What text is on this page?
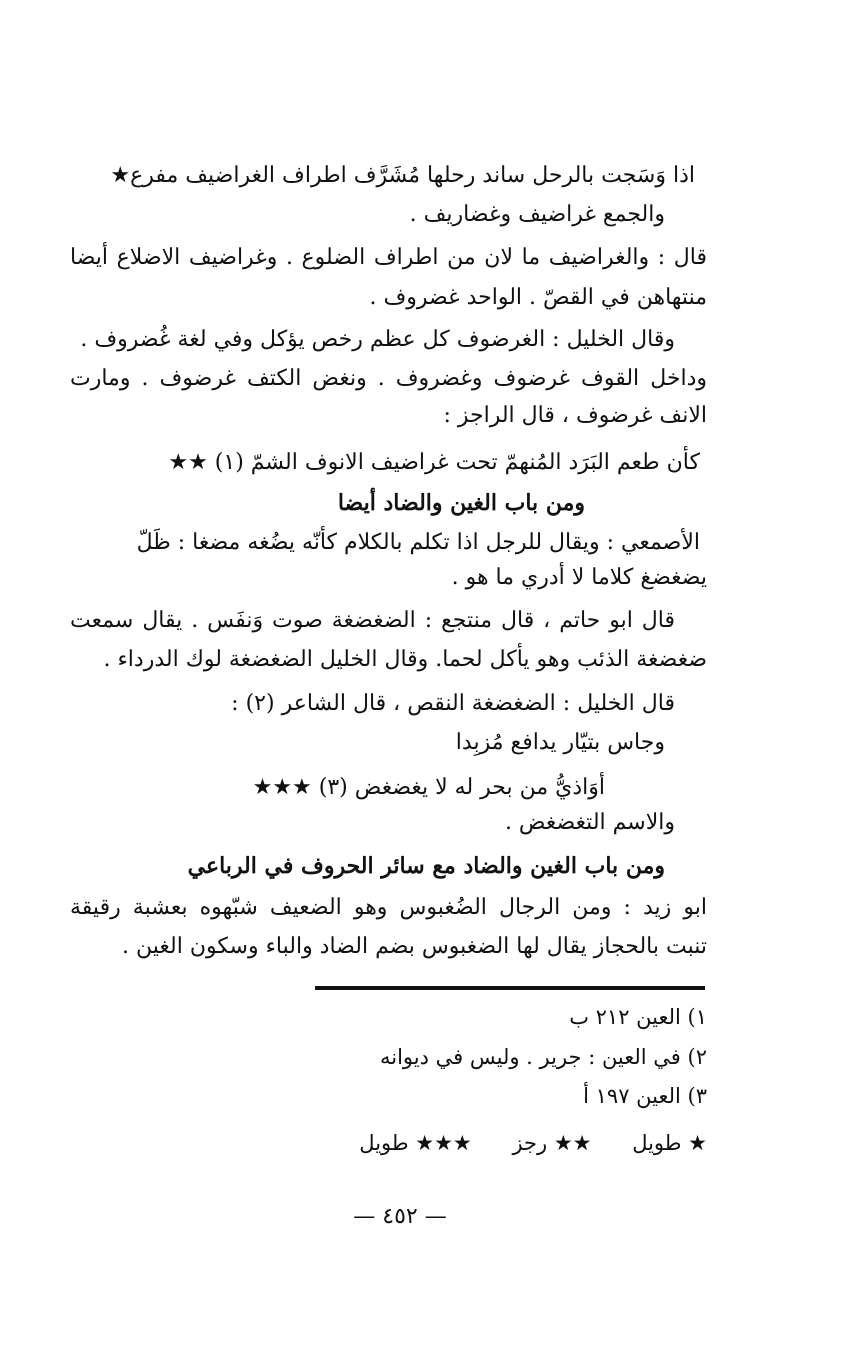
اذا وَسَجت بالرحل ساند رحلها مُشَرَّف اطراف الغراضيف مفرع★
والجمع غراضيف وغضاريف .
قال : والغراضيف ما لان من اطراف الضلوع . وغراضيف الاضلاع أيضا
منتهاهن في القصّ . الواحد غضروف .
وقال الخليل : الغرضوف كل عظم رخص يؤكل وفي لغة غُضروف .
وداخل القوف غرضوف وغضروف . ونغض الكتف غرضوف . ومارت
الانف غرضوف ، قال الراجز :
كأن طعم البَرَد المُنهمّ تحت غراضيف الانوف الشمّ (١) ★★
ومن باب الغين والضاد أيضا
الأصمعي : ويقال للرجل اذا تكلم بالكلام كأنّه يضُغه مضغا : ظَلّ
يضغضغ كلاما لا أدري ما هو .
قال ابو حاتم ، قال منتجع : الضغضغة صوت وَنفَس . يقال سمعت
ضغضغة الذئب وهو يأكل لحما. وقال الخليل الضغضغة لوك الدرداء .
قال الخليل : الضغضغة النقص ، قال الشاعر (٢) :
وجاس بتيّار يدافع مُزبِدا
أوَاذيُّ من بحر له لا يغضغض (٣) ★★★
والاسم التغضغض .
ومن باب الغين والضاد مع سائر الحروف في الرباعي
ابو زيد : ومن الرجال الضُغبوس وهو الضعيف شبّهوه بعشبة رقيقة
تنبت بالحجاز يقال لها الضغبوس بضم الضاد والباء وسكون الغين .
١) العين ٢١٢ ب
٢) في العين : جرير . وليس في ديوانه
٣) العين ١٩٧ أ
★ طويل ★★ رجز ★★★ طويل
— ٤٥٢ —
